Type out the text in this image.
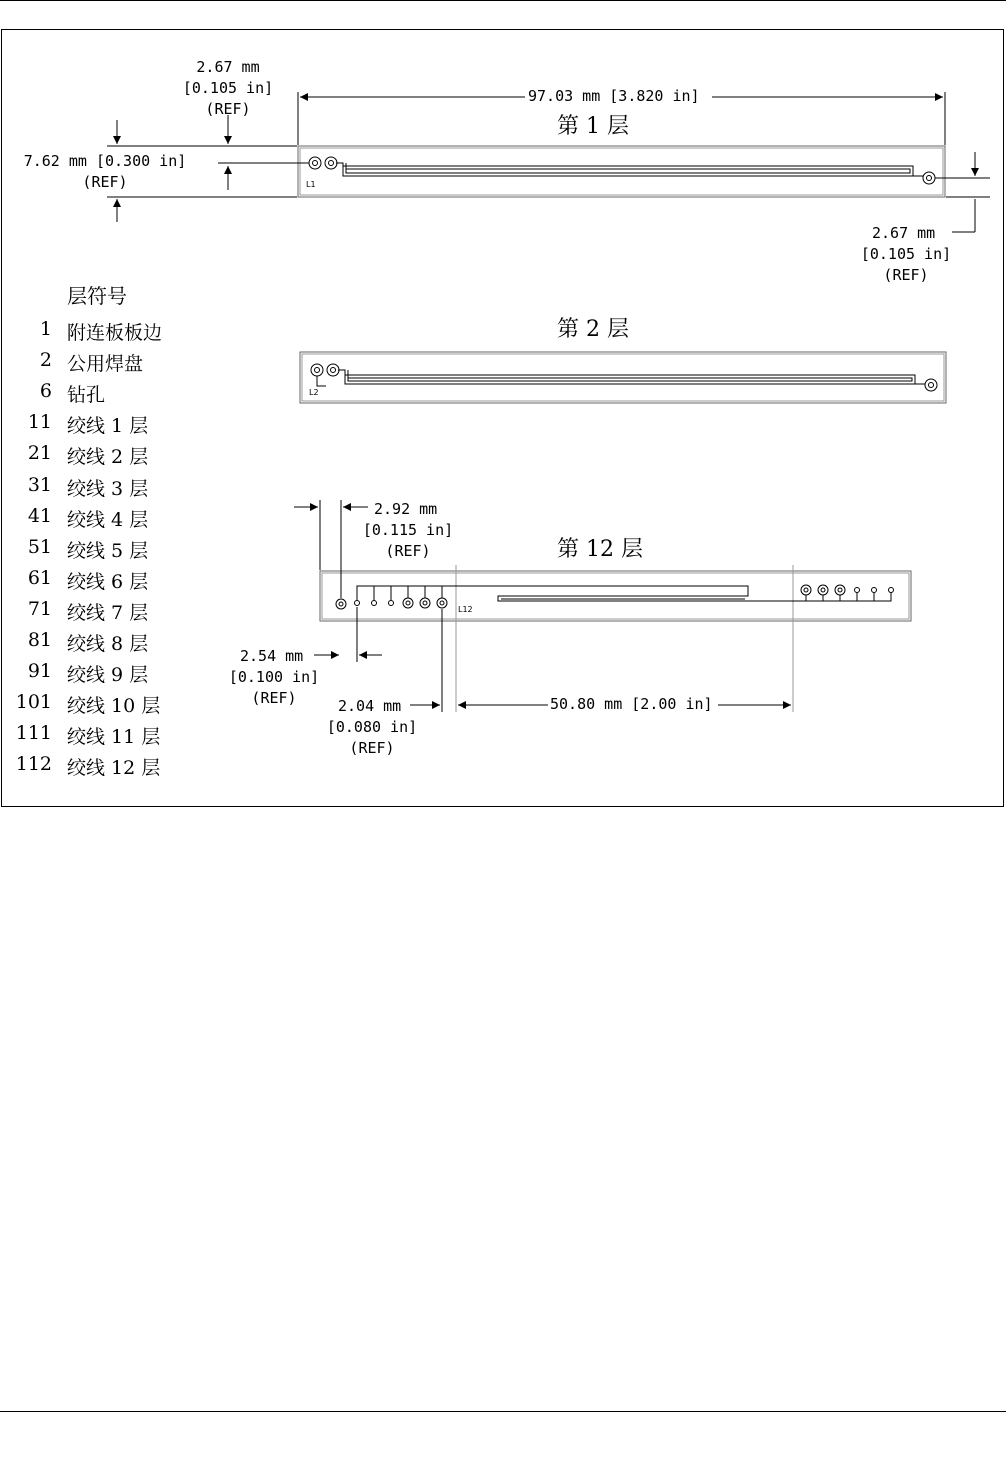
L1
L2
L12
第 1 层
第 2 层
第 12 层
2.67 mm
[0.105 in]
(REF)
97.03 mm [3.820 in]
7.62 mm [0.300 in]
(REF)
2.67 mm
[0.105 in]
(REF)
2.92 mm
[0.115 in]
(REF)
2.54 mm
[0.100 in]
(REF)	2.04 mm
[0.080 in]
(REF)
50.80 mm [2.00 in]
层符号
1 附连板板边
2 公用焊盘
6 钻孔
11 绞线 1 层
21 绞线 2 层
31 绞线 3 层
41 绞线 4 层
51 绞线 5 层
61 绞线 6 层
71 绞线 7 层
81 绞线 8 层
91 绞线 9 层
101 绞线 10 层
111 绞线 11 层
112 绞线 12 层
